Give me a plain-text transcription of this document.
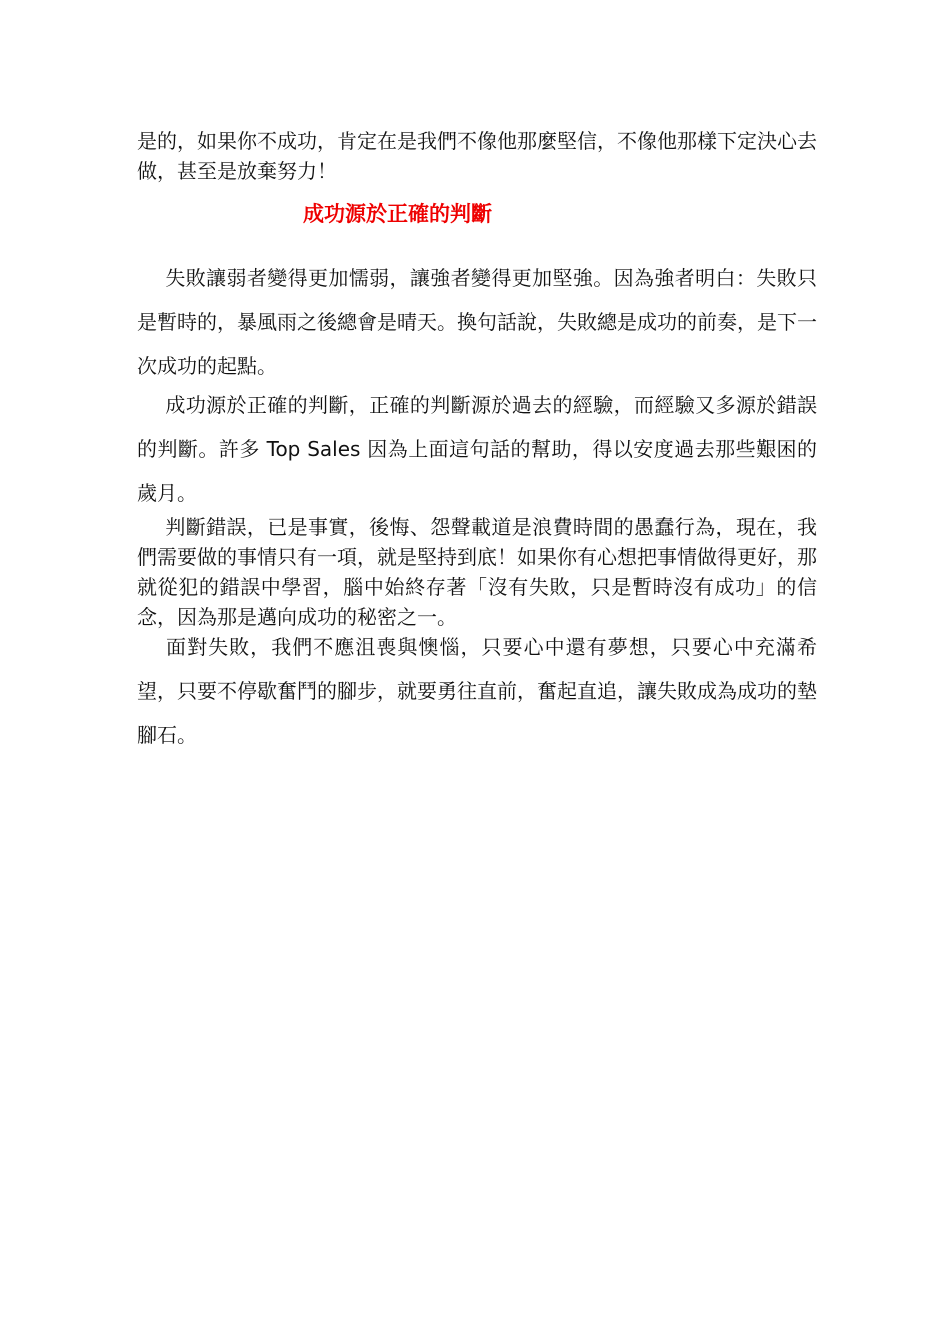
是的，如果你不成功，肯定在是我們不像他那麼堅信，不像他那樣下定決心去做，甚至是放棄努力！

成功源於正確的判斷

失敗讓弱者變得更加懦弱，讓強者變得更加堅強。因為強者明白：失敗只是暫時的，暴風雨之後總會是晴天。換句話說，失敗總是成功的前奏，是下一次成功的起點。

成功源於正確的判斷，正確的判斷源於過去的經驗，而經驗又多源於錯誤的判斷。許多 Top Sales 因為上面這句話的幫助，得以安度過去那些艱困的歲月。

判斷錯誤，已是事實，後悔、怨聲載道是浪費時間的愚蠢行為，現在，我們需要做的事情只有一項，就是堅持到底！如果你有心想把事情做得更好，那就從犯的錯誤中學習，腦中始終存著「沒有失敗，只是暫時沒有成功」的信念，因為那是邁向成功的秘密之一。

面對失敗，我們不應沮喪與懊惱，只要心中還有夢想，只要心中充滿希望，只要不停歇奮鬥的腳步，就要勇往直前，奮起直追，讓失敗成為成功的墊腳石。
